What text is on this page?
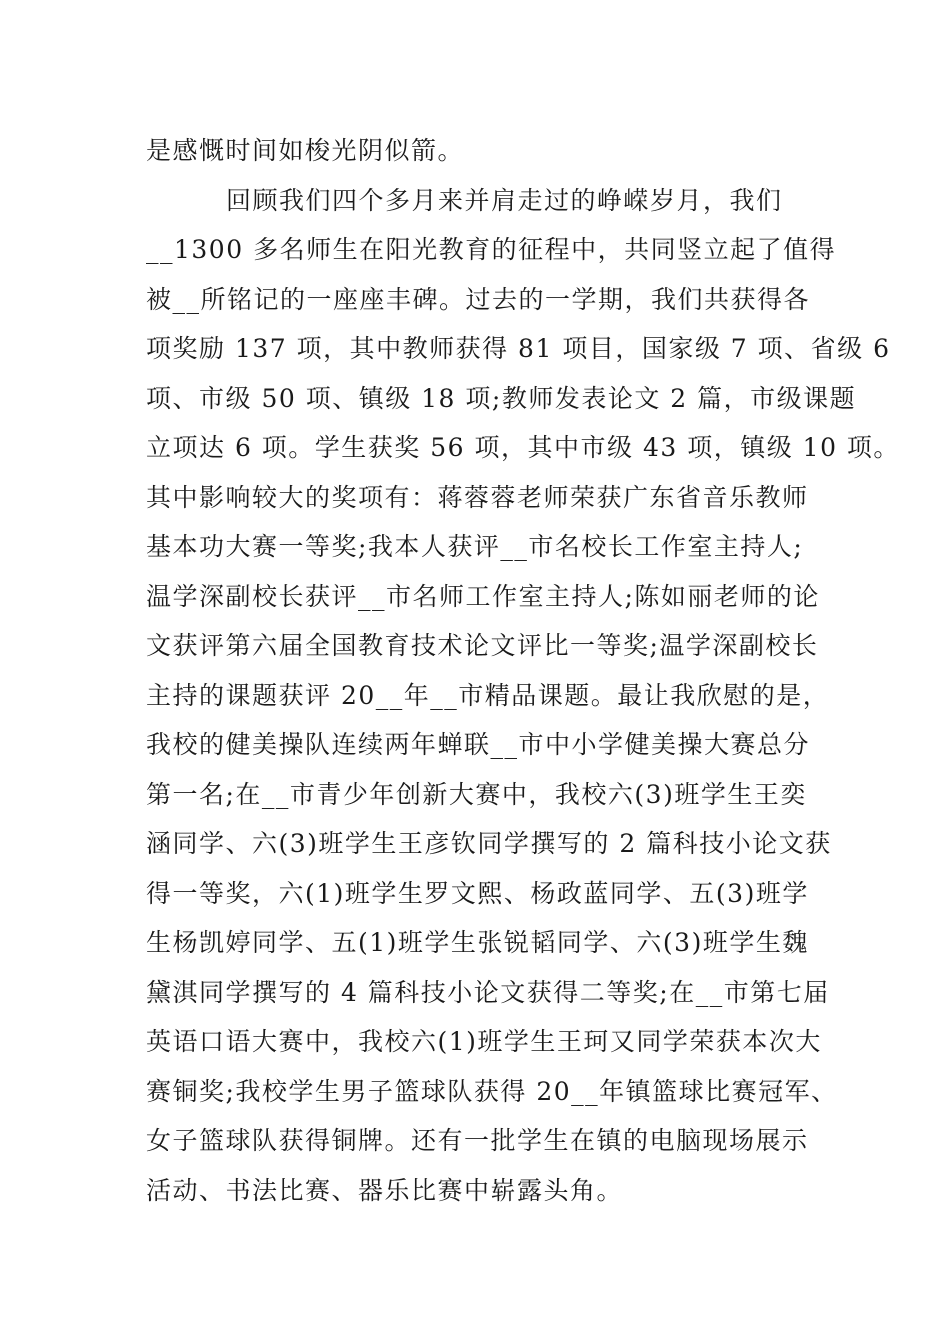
是感慨时间如梭光阴似箭。
回顾我们四个多月来并肩走过的峥嵘岁月，我们
__1300 多名师生在阳光教育的征程中，共同竖立起了值得
被__所铭记的一座座丰碑。过去的一学期，我们共获得各
项奖励 137 项，其中教师获得 81 项目，国家级 7 项、省级 6
项、市级 50 项、镇级 18 项;教师发表论文 2 篇，市级课题
立项达 6 项。学生获奖 56 项，其中市级 43 项，镇级 10 项。
其中影响较大的奖项有：蒋蓉蓉老师荣获广东省音乐教师
基本功大赛一等奖;我本人获评__市名校长工作室主持人;
温学深副校长获评__市名师工作室主持人;陈如丽老师的论
文获评第六届全国教育技术论文评比一等奖;温学深副校长
主持的课题获评 20__年__市精品课题。最让我欣慰的是，
我校的健美操队连续两年蝉联__市中小学健美操大赛总分
第一名;在__市青少年创新大赛中，我校六(3)班学生王奕
涵同学、六(3)班学生王彦钦同学撰写的 2 篇科技小论文获
得一等奖，六(1)班学生罗文熙、杨政蓝同学、五(3)班学
生杨凯婷同学、五(1)班学生张锐韬同学、六(3)班学生魏
黛淇同学撰写的 4 篇科技小论文获得二等奖;在__市第七届
英语口语大赛中，我校六(1)班学生王珂又同学荣获本次大
赛铜奖;我校学生男子篮球队获得 20__年镇篮球比赛冠军、
女子篮球队获得铜牌。还有一批学生在镇的电脑现场展示
活动、书法比赛、器乐比赛中崭露头角。
